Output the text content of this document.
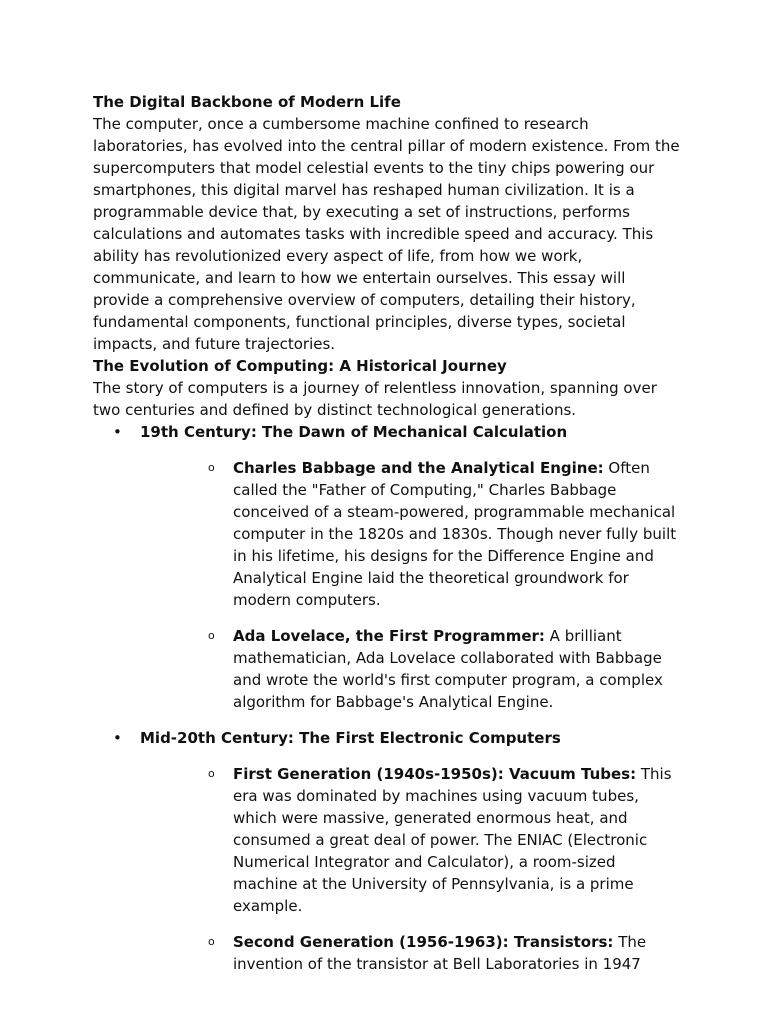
The Digital Backbone of Modern Life

The computer, once a cumbersome machine confined to research laboratories, has evolved into the central pillar of modern existence. From the supercomputers that model celestial events to the tiny chips powering our smartphones, this digital marvel has reshaped human civilization. It is a programmable device that, by executing a set of instructions, performs calculations and automates tasks with incredible speed and accuracy. This ability has revolutionized every aspect of life, from how we work, communicate, and learn to how we entertain ourselves. This essay will provide a comprehensive overview of computers, detailing their history, fundamental components, functional principles, diverse types, societal impacts, and future trajectories.

The Evolution of Computing: A Historical Journey

The story of computers is a journey of relentless innovation, spanning over two centuries and defined by distinct technological generations.

• 19th Century: The Dawn of Mechanical Calculation
o Charles Babbage and the Analytical Engine: Often called the "Father of Computing," Charles Babbage conceived of a steam-powered, programmable mechanical computer in the 1820s and 1830s. Though never fully built in his lifetime, his designs for the Difference Engine and Analytical Engine laid the theoretical groundwork for modern computers.
o Ada Lovelace, the First Programmer: A brilliant mathematician, Ada Lovelace collaborated with Babbage and wrote the world's first computer program, a complex algorithm for Babbage's Analytical Engine.
• Mid-20th Century: The First Electronic Computers
o First Generation (1940s-1950s): Vacuum Tubes: This era was dominated by machines using vacuum tubes, which were massive, generated enormous heat, and consumed a great deal of power. The ENIAC (Electronic Numerical Integrator and Calculator), a room-sized machine at the University of Pennsylvania, is a prime example.
o Second Generation (1956-1963): Transistors: The invention of the transistor at Bell Laboratories in 1947
